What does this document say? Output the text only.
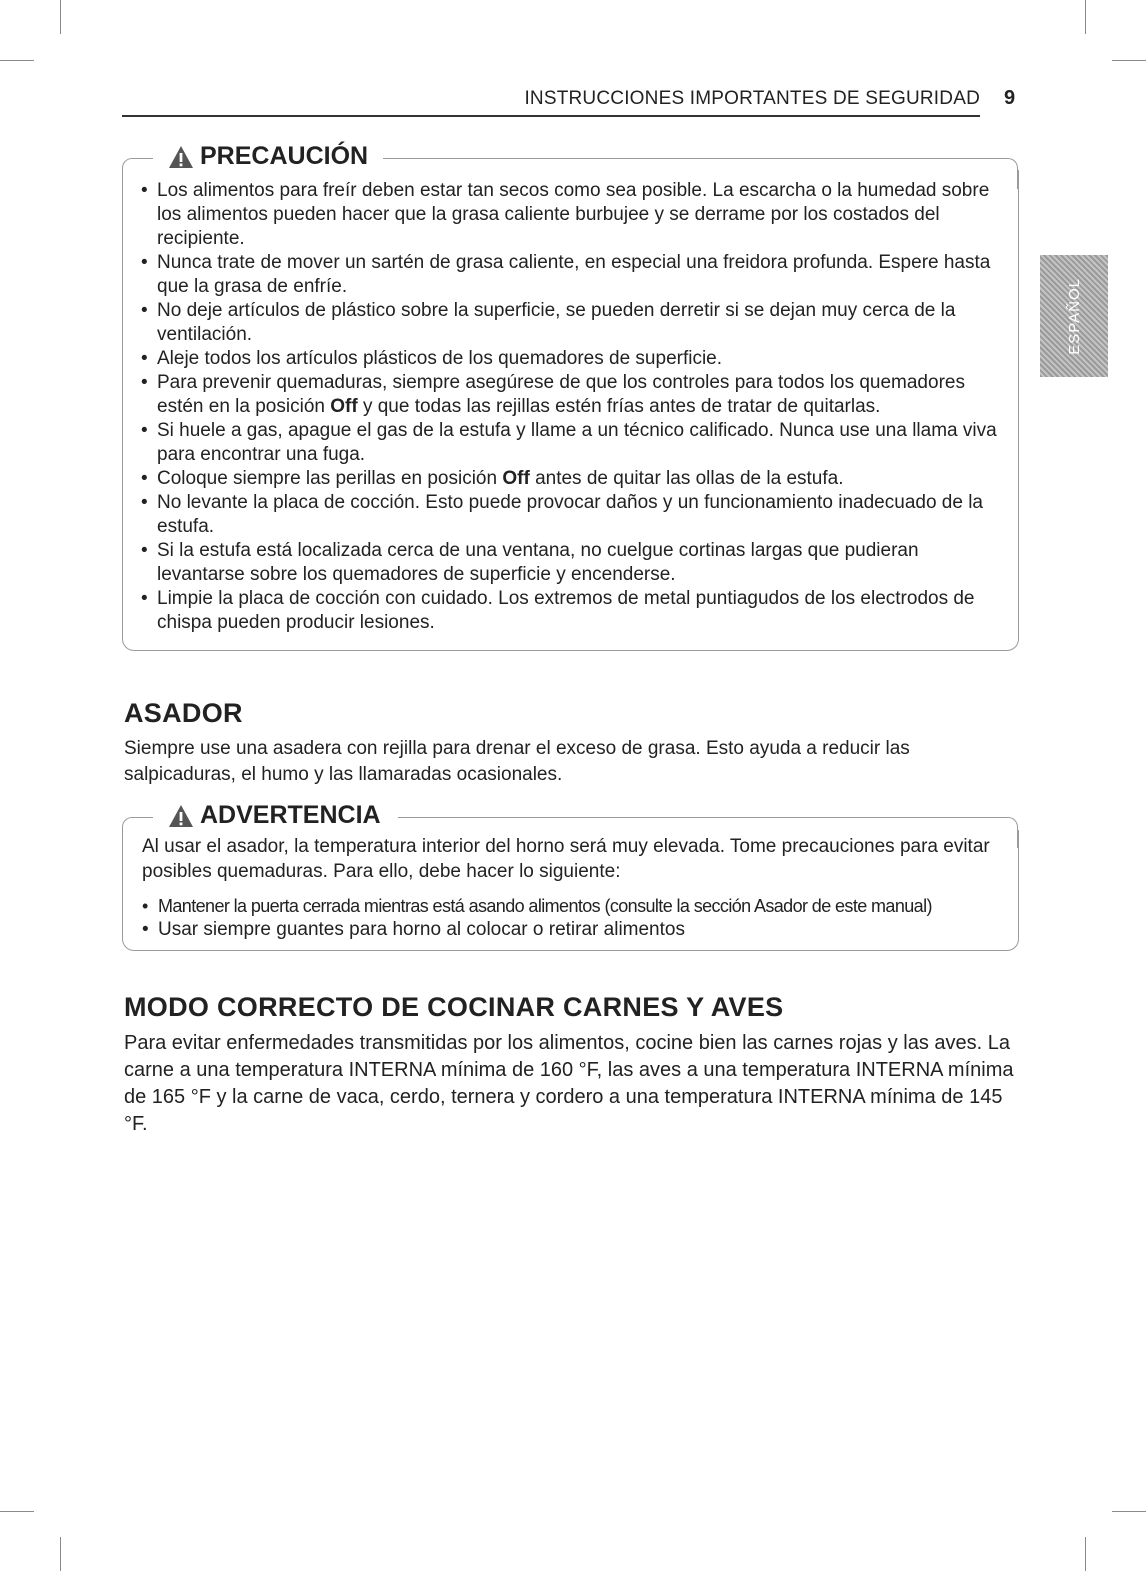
INSTRUCCIONES IMPORTANTES DE SEGURIDAD 9
ESPAÑOL
PRECAUCIÓN
• Los alimentos para freír deben estar tan secos como sea posible. La escarcha o la humedad sobre los alimentos pueden hacer que la grasa caliente burbujee y se derrame por los costados del recipiente.
• Nunca trate de mover un sartén de grasa caliente, en especial una freidora profunda. Espere hasta que la grasa de enfríe.
• No deje artículos de plástico sobre la superficie, se pueden derretir si se dejan muy cerca de la ventilación.
• Aleje todos los artículos plásticos de los quemadores de superficie.
• Para prevenir quemaduras, siempre asegúrese de que los controles para todos los quemadores estén en la posición Off y que todas las rejillas estén frías antes de tratar de quitarlas.
• Si huele a gas, apague el gas de la estufa y llame a un técnico calificado. Nunca use una llama viva para encontrar una fuga.
• Coloque siempre las perillas en posición Off antes de quitar las ollas de la estufa.
• No levante la placa de cocción. Esto puede provocar daños y un funcionamiento inadecuado de la estufa.
• Si la estufa está localizada cerca de una ventana, no cuelgue cortinas largas que pudieran levantarse sobre los quemadores de superficie y encenderse.
• Limpie la placa de cocción con cuidado. Los extremos de metal puntiagudos de los electrodos de chispa pueden producir lesiones.
ASADOR
Siempre use una asadera con rejilla para drenar el exceso de grasa. Esto ayuda a reducir las salpicaduras, el humo y las llamaradas ocasionales.
ADVERTENCIA
Al usar el asador, la temperatura interior del horno será muy elevada. Tome precauciones para evitar posibles quemaduras. Para ello, debe hacer lo siguiente:
• Mantener la puerta cerrada mientras está asando alimentos (consulte la sección Asador de este manual)
• Usar siempre guantes para horno al colocar o retirar alimentos
MODO CORRECTO DE COCINAR CARNES Y AVES
Para evitar enfermedades transmitidas por los alimentos, cocine bien las carnes rojas y las aves. La carne a una temperatura INTERNA mínima de 160 °F, las aves a una temperatura INTERNA mínima de 165 °F y la carne de vaca, cerdo, ternera y cordero a una temperatura INTERNA mínima de 145 °F.
